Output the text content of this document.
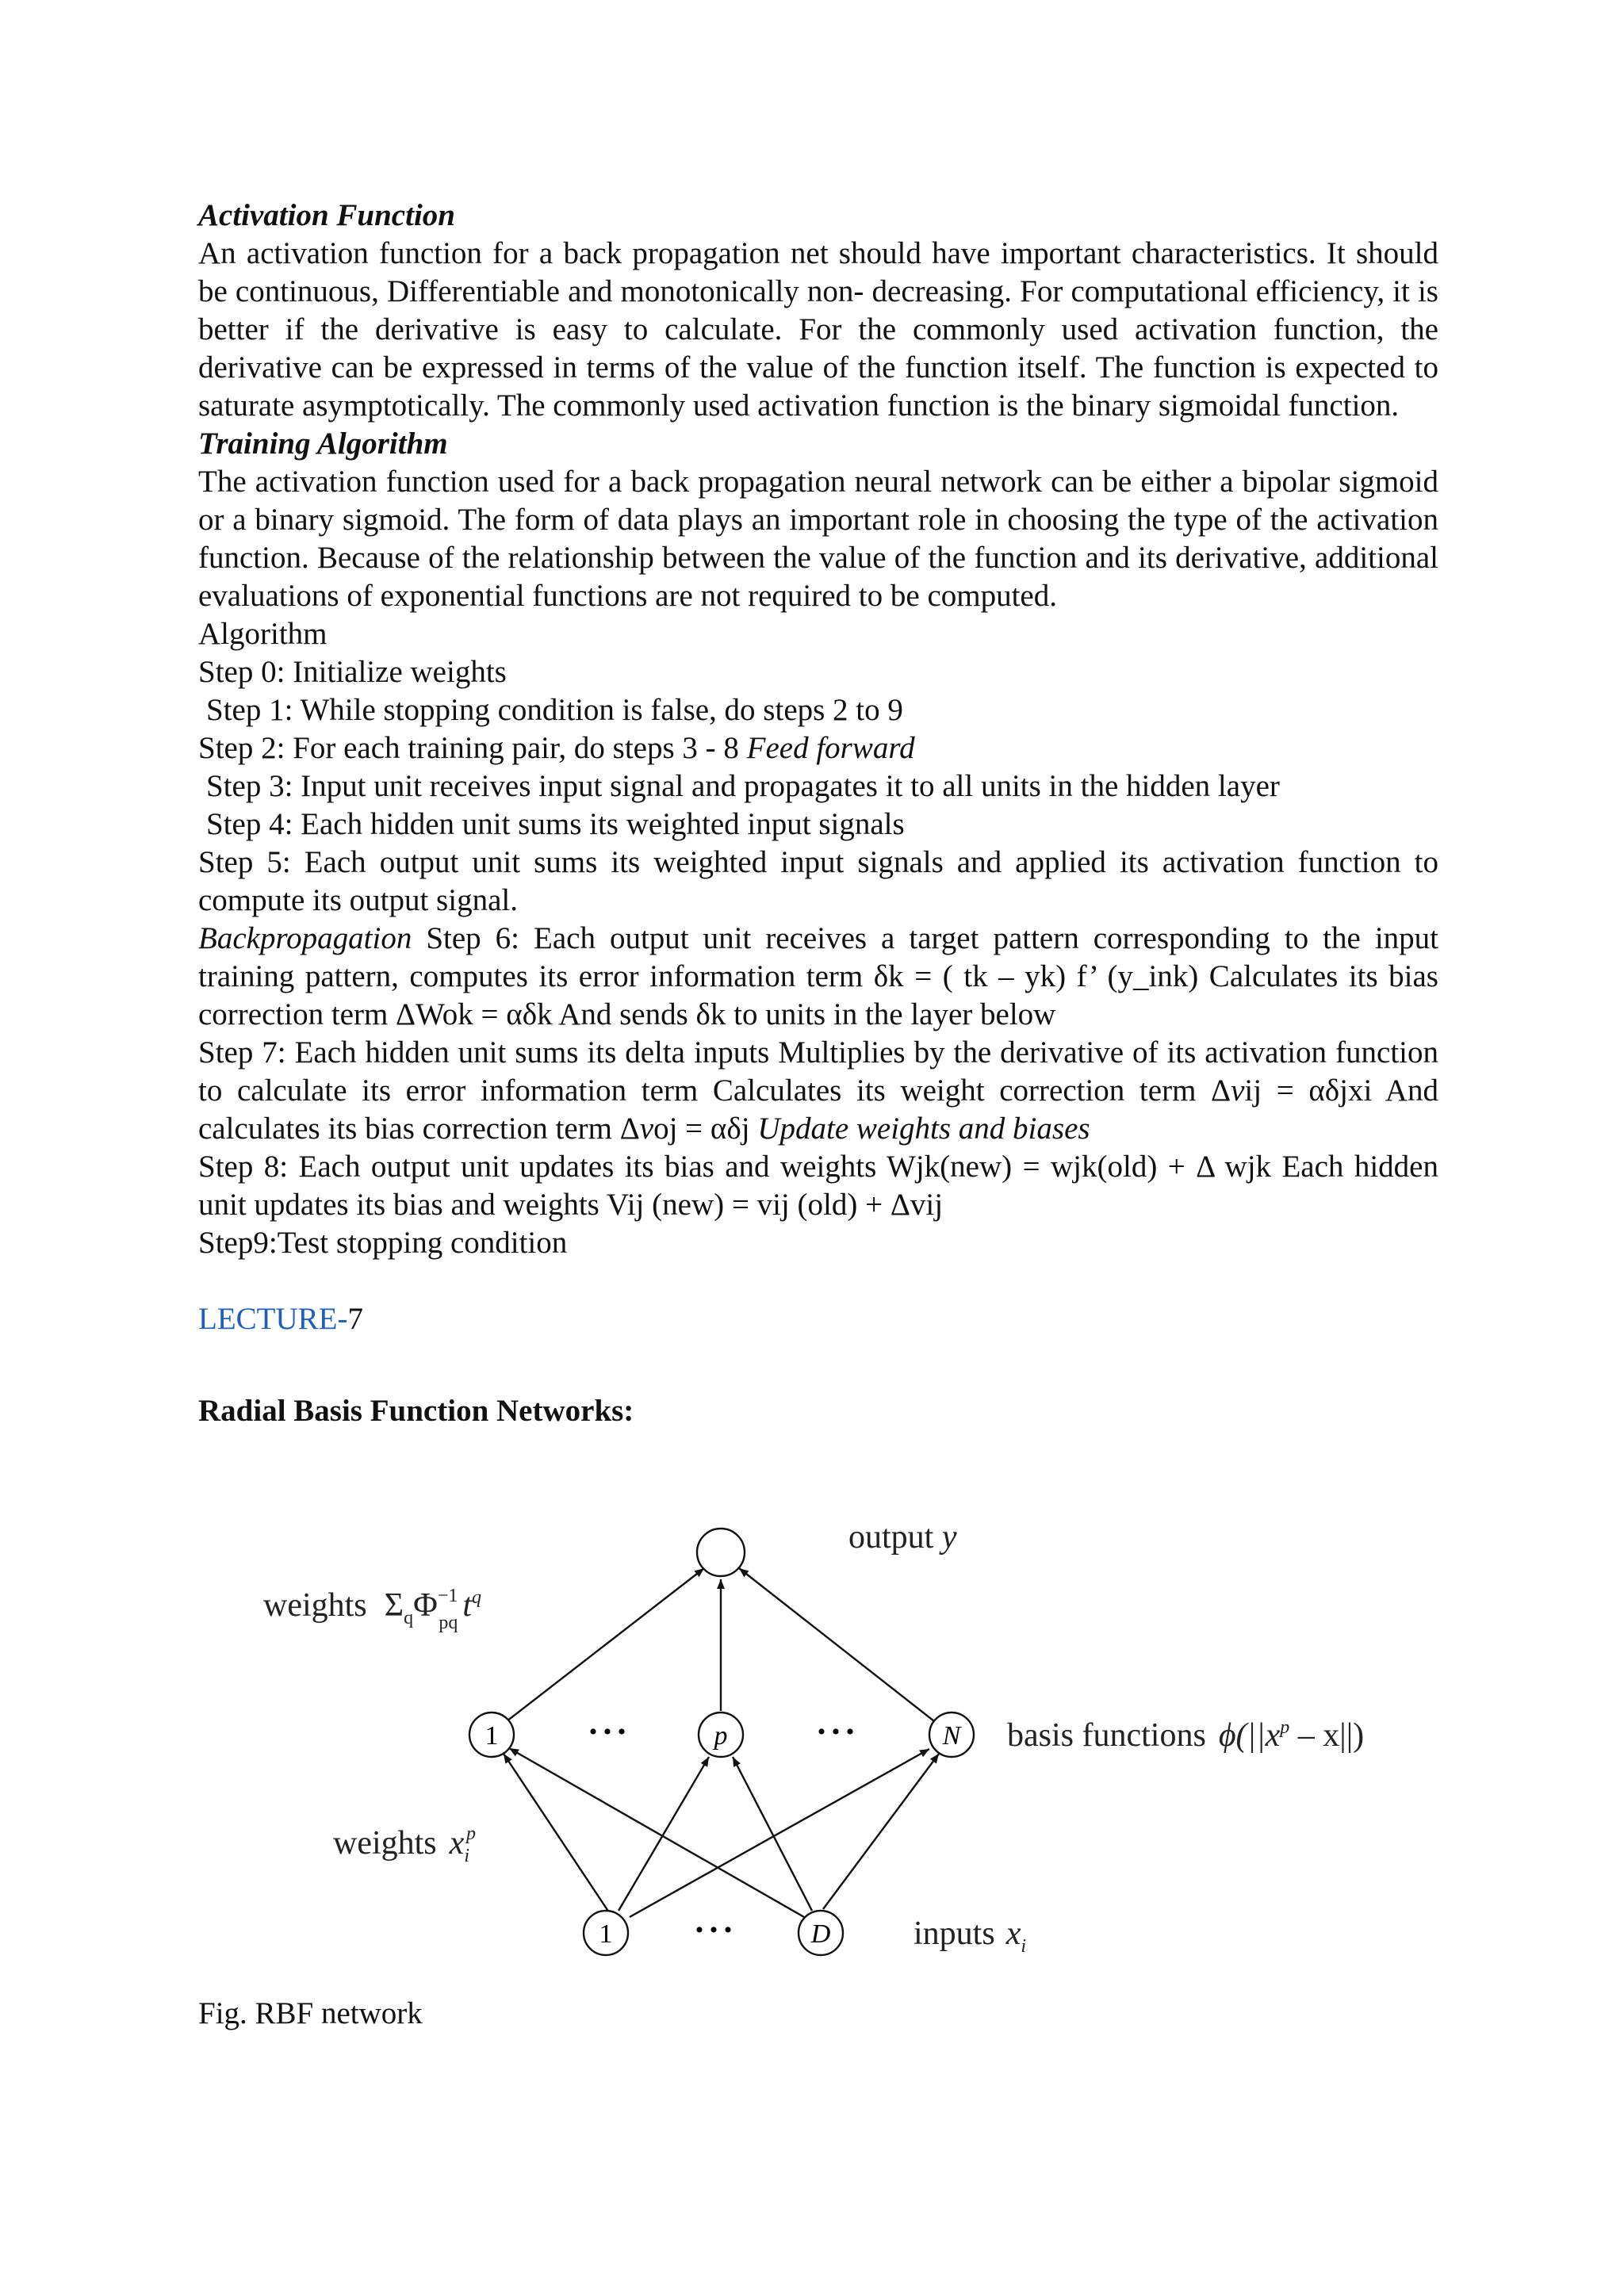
Activation Function
An activation function for a back propagation net should have important characteristics. It should be continuous, Differentiable and monotonically non- decreasing. For computational efficiency, it is better if the derivative is easy to calculate. For the commonly used activation function, the derivative can be expressed in terms of the value of the function itself. The function is expected to saturate asymptotically. The commonly used activation function is the binary sigmoidal function.
Training Algorithm
The activation function used for a back propagation neural network can be either a bipolar sigmoid or a binary sigmoid. The form of data plays an important role in choosing the type of the activation function. Because of the relationship between the value of the function and its derivative, additional evaluations of exponential functions are not required to be computed.
Algorithm
Step 0: Initialize weights
Step 1: While stopping condition is false, do steps 2 to 9
Step 2: For each training pair, do steps 3 - 8 Feed forward
Step 3: Input unit receives input signal and propagates it to all units in the hidden layer
Step 4: Each hidden unit sums its weighted input signals
Step 5: Each output unit sums its weighted input signals and applied its activation function to compute its output signal.
Backpropagation Step 6: Each output unit receives a target pattern corresponding to the input training pattern, computes its error information term δk = ( tk – yk) f’ (y_ink) Calculates its bias correction term ΔWok = αδk And sends δk to units in the layer below
Step 7: Each hidden unit sums its delta inputs Multiplies by the derivative of its activation function to calculate its error information term Calculates its weight correction term Δvij = αδjxi And calculates its bias correction term Δvoj = αδj Update weights and biases
Step 8: Each output unit updates its bias and weights Wjk(new) = wjk(old) + Δ wjk Each hidden unit updates its bias and weights Vij (new) = vij (old) + Δvij
Step9:Test stopping condition
LECTURE-7
Radial Basis Function Networks:
1	p	N
1	D
• • •	• • •
• • •
output y
weights $\Sigma_q\Phi^{-1}$ pq $t^q$
basis functions $\phi(||x^p - x||)$
weights $x_ip$
inputs $x_i$
Fig. RBF network
